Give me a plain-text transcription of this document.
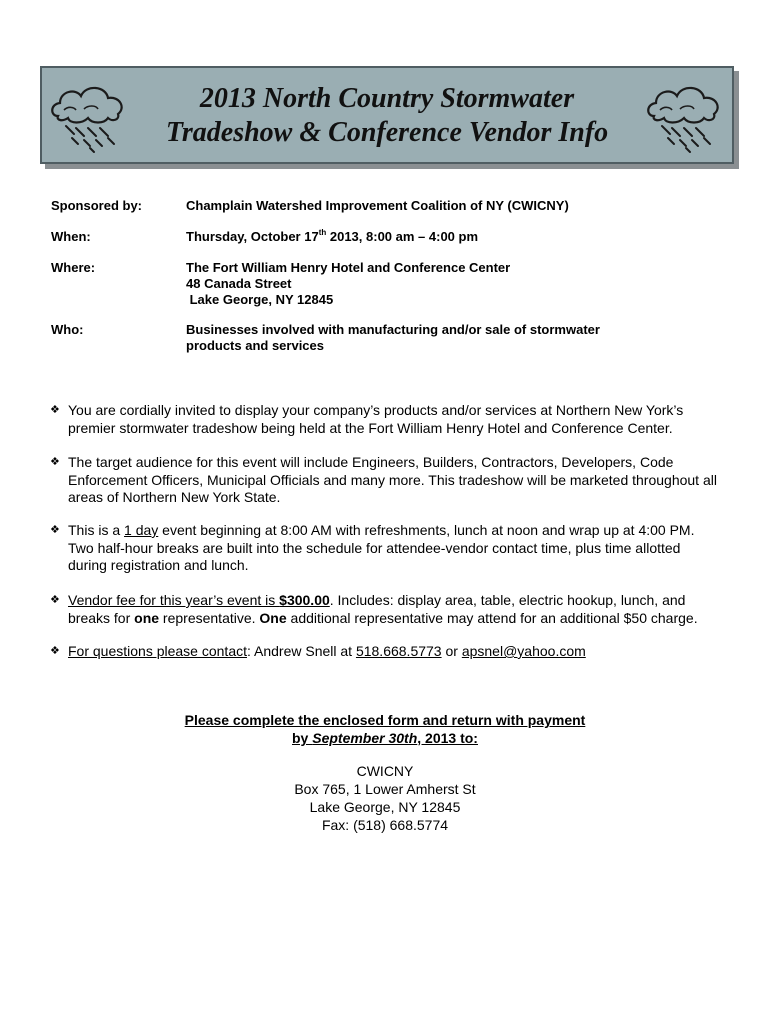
2013 North Country Stormwater
Tradeshow & Conference Vendor Info
Sponsored by:	Champlain Watershed Improvement Coalition of NY (CWICNY)
When:	Thursday, October 17th 2013, 8:00 am – 4:00 pm
Where:	The Fort William Henry Hotel and Conference Center
48 Canada Street
Lake George, NY 12845
Who:	Businesses involved with manufacturing and/or sale of stormwater
products and services
❖ You are cordially invited to display your company’s products and/or services at Northern New York’s
premier stormwater tradeshow being held at the Fort William Henry Hotel and Conference Center.
❖ The target audience for this event will include Engineers, Builders, Contractors, Developers, Code
Enforcement Officers, Municipal Officials and many more. This tradeshow will be marketed throughout all
areas of Northern New York State.
❖ This is a 1 day event beginning at 8:00 AM with refreshments, lunch at noon and wrap up at 4:00 PM.
Two half-hour breaks are built into the schedule for attendee-vendor contact time, plus time allotted
during registration and lunch.
❖ Vendor fee for this year’s event is $300.00. Includes: display area, table, electric hookup, lunch, and
breaks for one representative. One additional representative may attend for an additional $50 charge.
❖ For questions please contact: Andrew Snell at 518.668.5773 or apsnel@yahoo.com
Please complete the enclosed form and return with payment
by September 30th, 2013 to:
CWICNY
Box 765, 1 Lower Amherst St
Lake George, NY 12845
Fax: (518) 668.5774
